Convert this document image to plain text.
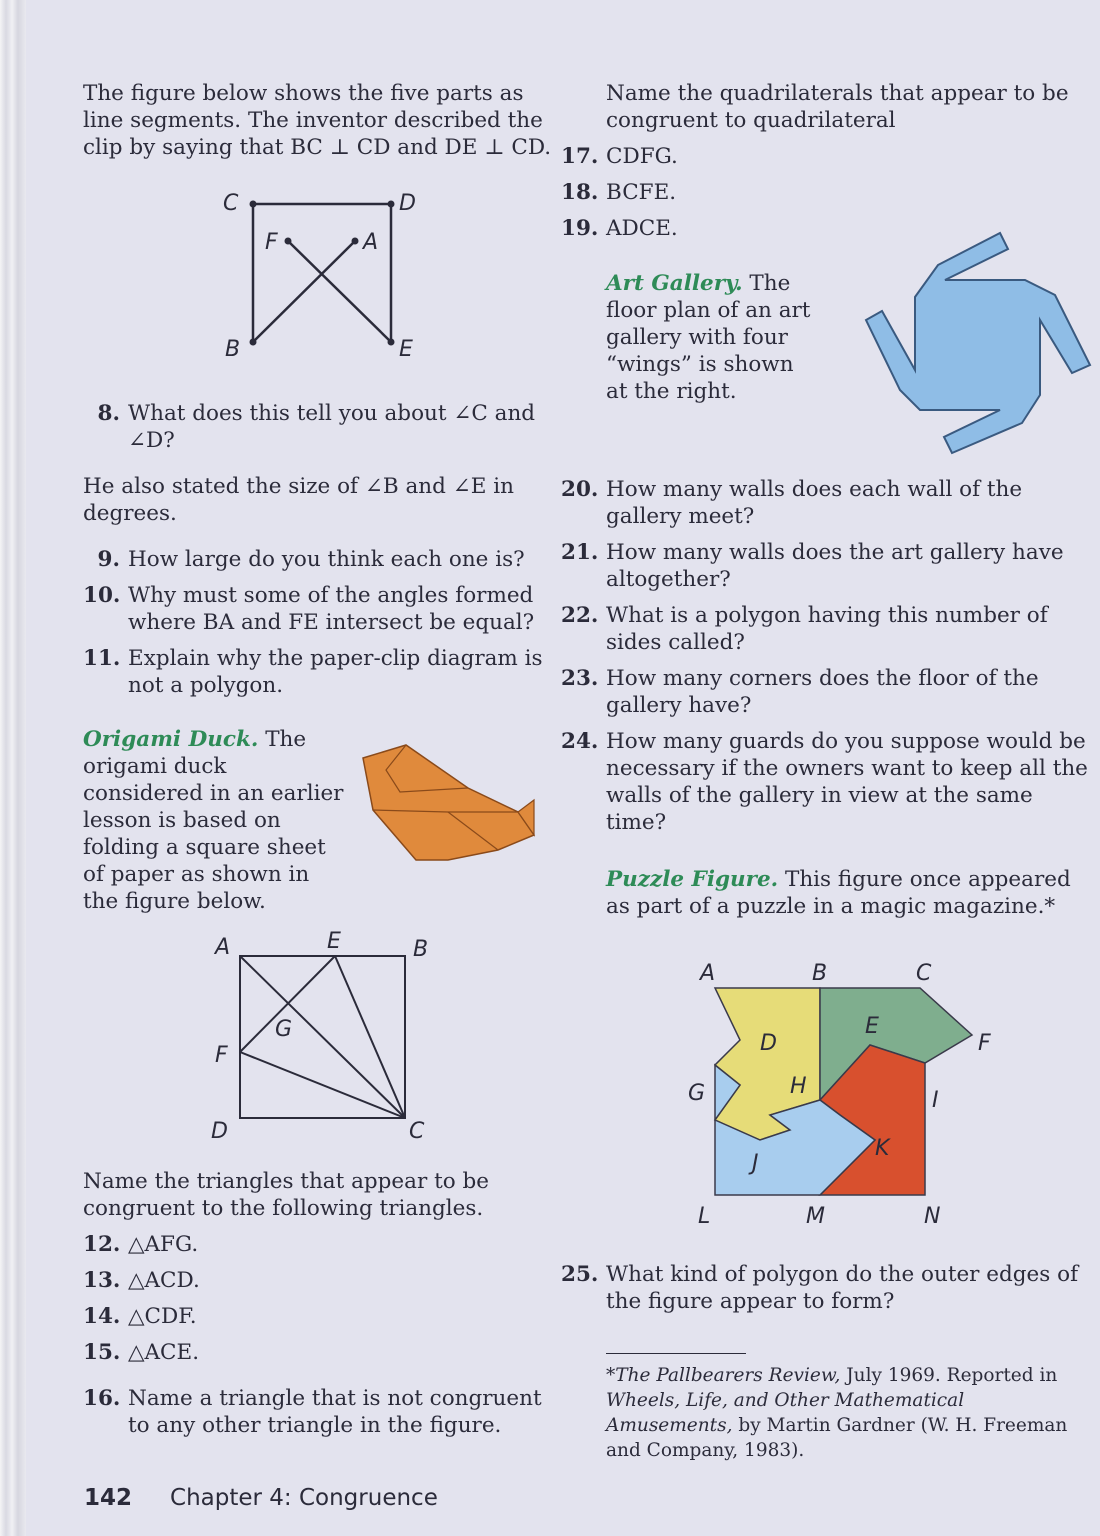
The figure below shows the five parts as line segments. The inventor described the clip by saying that BC ⊥ CD and DE ⊥ CD.

C	D
F	A
B	E
8. What does this tell you about ∠C and ∠D?

He also stated the size of ∠B and ∠E in degrees.

9. How large do you think each one is?
10. Why must some of the angles formed where BA and FE intersect be equal?
11. Explain why the paper-clip diagram is not a polygon.

Origami Duck. The origami duck considered in an earlier lesson is based on folding a square sheet of paper as shown in the figure below.

A	E	B
G
F
D	C

Name the triangles that appear to be congruent to the following triangles.

12. △AFG.
13. △ACD.
14. △CDF.
15. △ACE.
16. Name a triangle that is not congruent to any other triangle in the figure.

Name the quadrilaterals that appear to be congruent to quadrilateral

17. CDFG.
18. BCFE.
19. ADCE.

Art Gallery. The floor plan of an art gallery with four “wings” is shown at the right.

20. How many walls does each wall of the gallery meet?
21. How many walls does the art gallery have altogether?
22. What is a polygon having this number of sides called?
23. How many corners does the floor of the gallery have?
24. How many guards do you suppose would be necessary if the owners want to keep all the walls of the gallery in view at the same time?

Puzzle Figure. This figure once appeared as part of a puzzle in a magic magazine.*

A	B	C
D
E
F
G	H
I
J
K
L	M	N
25. What kind of polygon do the outer edges of the figure appear to form?
*The Pallbearers Review, July 1969. Reported in Wheels, Life, and Other Mathematical Amusements, by Martin Gardner (W. H. Freeman and Company, 1983).
142 Chapter 4: Congruence
